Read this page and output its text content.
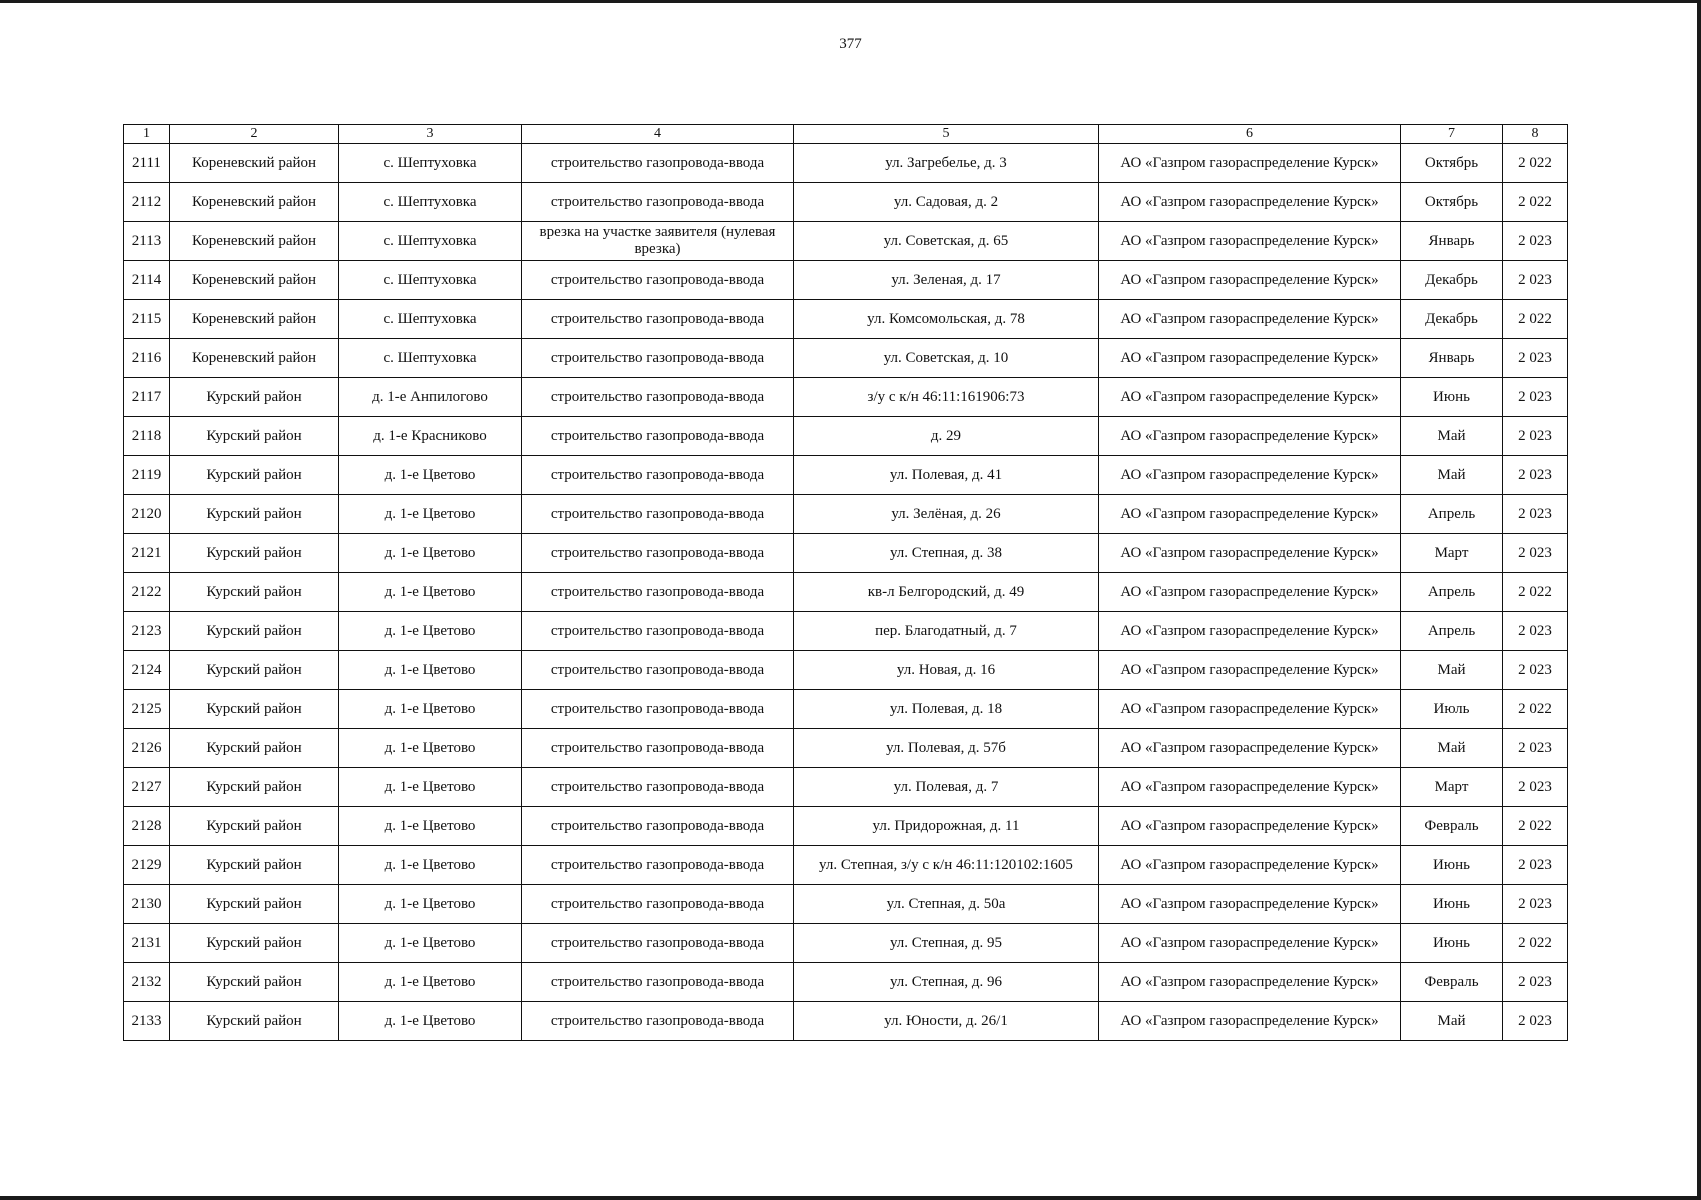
377
1	2	3	4	5	6	7	8
2111	Кореневский район	с. Шептуховка	строительство газопровода-ввода	ул. Загребелье, д. 3	АО «Газпром газораспределение Курск»	Октябрь	2 022
2112	Кореневский район	с. Шептуховка	строительство газопровода-ввода	ул. Садовая, д. 2	АО «Газпром газораспределение Курск»	Октябрь	2 022
2113	Кореневский район	с. Шептуховка	врезка на участке заявителя (нулевая врезка)	ул. Советская, д. 65	АО «Газпром газораспределение Курск»	Январь	2 023
2114	Кореневский район	с. Шептуховка	строительство газопровода-ввода	ул. Зеленая, д. 17	АО «Газпром газораспределение Курск»	Декабрь	2 023
2115	Кореневский район	с. Шептуховка	строительство газопровода-ввода	ул. Комсомольская, д. 78	АО «Газпром газораспределение Курск»	Декабрь	2 022
2116	Кореневский район	с. Шептуховка	строительство газопровода-ввода	ул. Советская, д. 10	АО «Газпром газораспределение Курск»	Январь	2 023
2117	Курский район	д. 1-е Анпилогово	строительство газопровода-ввода	з/у с к/н 46:11:161906:73	АО «Газпром газораспределение Курск»	Июнь	2 023
2118	Курский район	д. 1-е Красниково	строительство газопровода-ввода	д. 29	АО «Газпром газораспределение Курск»	Май	2 023
2119	Курский район	д. 1-е Цветово	строительство газопровода-ввода	ул. Полевая, д. 41	АО «Газпром газораспределение Курск»	Май	2 023
2120	Курский район	д. 1-е Цветово	строительство газопровода-ввода	ул. Зелёная, д. 26	АО «Газпром газораспределение Курск»	Апрель	2 023
2121	Курский район	д. 1-е Цветово	строительство газопровода-ввода	ул. Степная, д. 38	АО «Газпром газораспределение Курск»	Март	2 023
2122	Курский район	д. 1-е Цветово	строительство газопровода-ввода	кв-л Белгородский, д. 49	АО «Газпром газораспределение Курск»	Апрель	2 022
2123	Курский район	д. 1-е Цветово	строительство газопровода-ввода	пер. Благодатный, д. 7	АО «Газпром газораспределение Курск»	Апрель	2 023
2124	Курский район	д. 1-е Цветово	строительство газопровода-ввода	ул. Новая, д. 16	АО «Газпром газораспределение Курск»	Май	2 023
2125	Курский район	д. 1-е Цветово	строительство газопровода-ввода	ул. Полевая, д. 18	АО «Газпром газораспределение Курск»	Июль	2 022
2126	Курский район	д. 1-е Цветово	строительство газопровода-ввода	ул. Полевая, д. 57б	АО «Газпром газораспределение Курск»	Май	2 023
2127	Курский район	д. 1-е Цветово	строительство газопровода-ввода	ул. Полевая, д. 7	АО «Газпром газораспределение Курск»	Март	2 023
2128	Курский район	д. 1-е Цветово	строительство газопровода-ввода	ул. Придорожная, д. 11	АО «Газпром газораспределение Курск»	Февраль	2 022
2129	Курский район	д. 1-е Цветово	строительство газопровода-ввода	ул. Степная, з/у с к/н 46:11:120102:1605	АО «Газпром газораспределение Курск»	Июнь	2 023
2130	Курский район	д. 1-е Цветово	строительство газопровода-ввода	ул. Степная, д. 50а	АО «Газпром газораспределение Курск»	Июнь	2 023
2131	Курский район	д. 1-е Цветово	строительство газопровода-ввода	ул. Степная, д. 95	АО «Газпром газораспределение Курск»	Июнь	2 022
2132	Курский район	д. 1-е Цветово	строительство газопровода-ввода	ул. Степная, д. 96	АО «Газпром газораспределение Курск»	Февраль	2 023
2133	Курский район	д. 1-е Цветово	строительство газопровода-ввода	ул. Юности, д. 26/1	АО «Газпром газораспределение Курск»	Май	2 023
